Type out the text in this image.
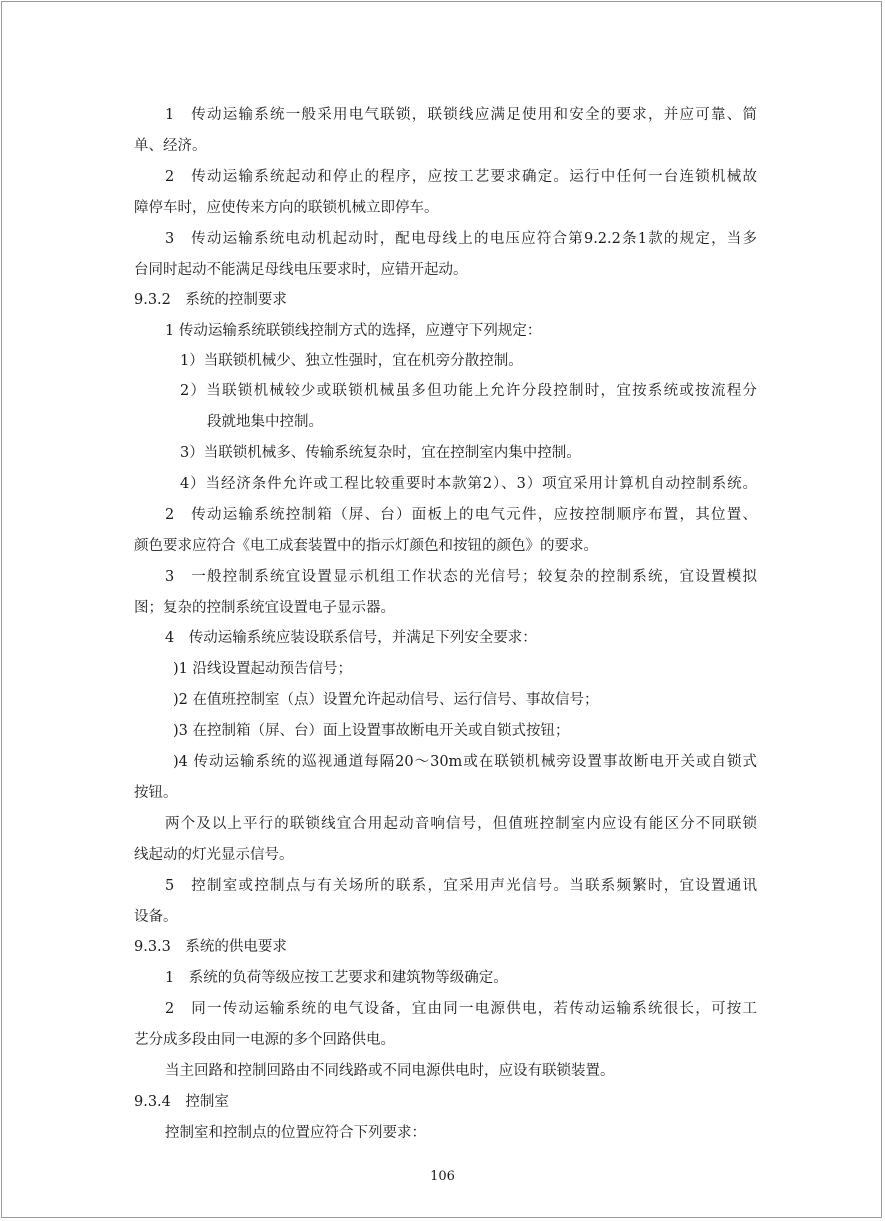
1　传动运输系统一般采用电气联锁，联锁线应满足使用和安全的要求，并应可靠、简
单、经济。
2　传动运输系统起动和停止的程序，应按工艺要求确定。运行中任何一台连锁机械故
障停车时，应使传来方向的联锁机械立即停车。
3　传动运输系统电动机起动时，配电母线上的电压应符合第9.2.2条1款的规定，当多
台同时起动不能满足母线电压要求时，应错开起动。
9.3.2　系统的控制要求
1 传动运输系统联锁线控制方式的选择，应遵守下列规定：
1）当联锁机械少、独立性强时，宜在机旁分散控制。
2）当联锁机械较少或联锁机械虽多但功能上允许分段控制时，宜按系统或按流程分
段就地集中控制。
3）当联锁机械多、传输系统复杂时，宜在控制室内集中控制。
4）当经济条件允许或工程比较重要时本款第2）、3）项宜采用计算机自动控制系统。
2　传动运输系统控制箱（屏、台）面板上的电气元件，应按控制顺序布置，其位置、
颜色要求应符合《电工成套装置中的指示灯颜色和按钮的颜色》的要求。
3　一般控制系统宜设置显示机组工作状态的光信号；较复杂的控制系统，宜设置模拟
图；复杂的控制系统宜设置电子显示器。
4　传动运输系统应装设联系信号，并满足下列安全要求：
)1 沿线设置起动预告信号；
)2 在值班控制室（点）设置允许起动信号、运行信号、事故信号；
)3 在控制箱（屏、台）面上设置事故断电开关或自锁式按钮；
)4 传动运输系统的巡视通道每隔20～30m或在联锁机械旁设置事故断电开关或自锁式
按钮。
两个及以上平行的联锁线宜合用起动音响信号，但值班控制室内应设有能区分不同联锁
线起动的灯光显示信号。
5　控制室或控制点与有关场所的联系，宜采用声光信号。当联系频繁时，宜设置通讯
设备。
9.3.3　系统的供电要求
1　系统的负荷等级应按工艺要求和建筑物等级确定。
2　同一传动运输系统的电气设备，宜由同一电源供电，若传动运输系统很长，可按工
艺分成多段由同一电源的多个回路供电。
当主回路和控制回路由不同线路或不同电源供电时，应设有联锁装置。
9.3.4　控制室
控制室和控制点的位置应符合下列要求：
106
